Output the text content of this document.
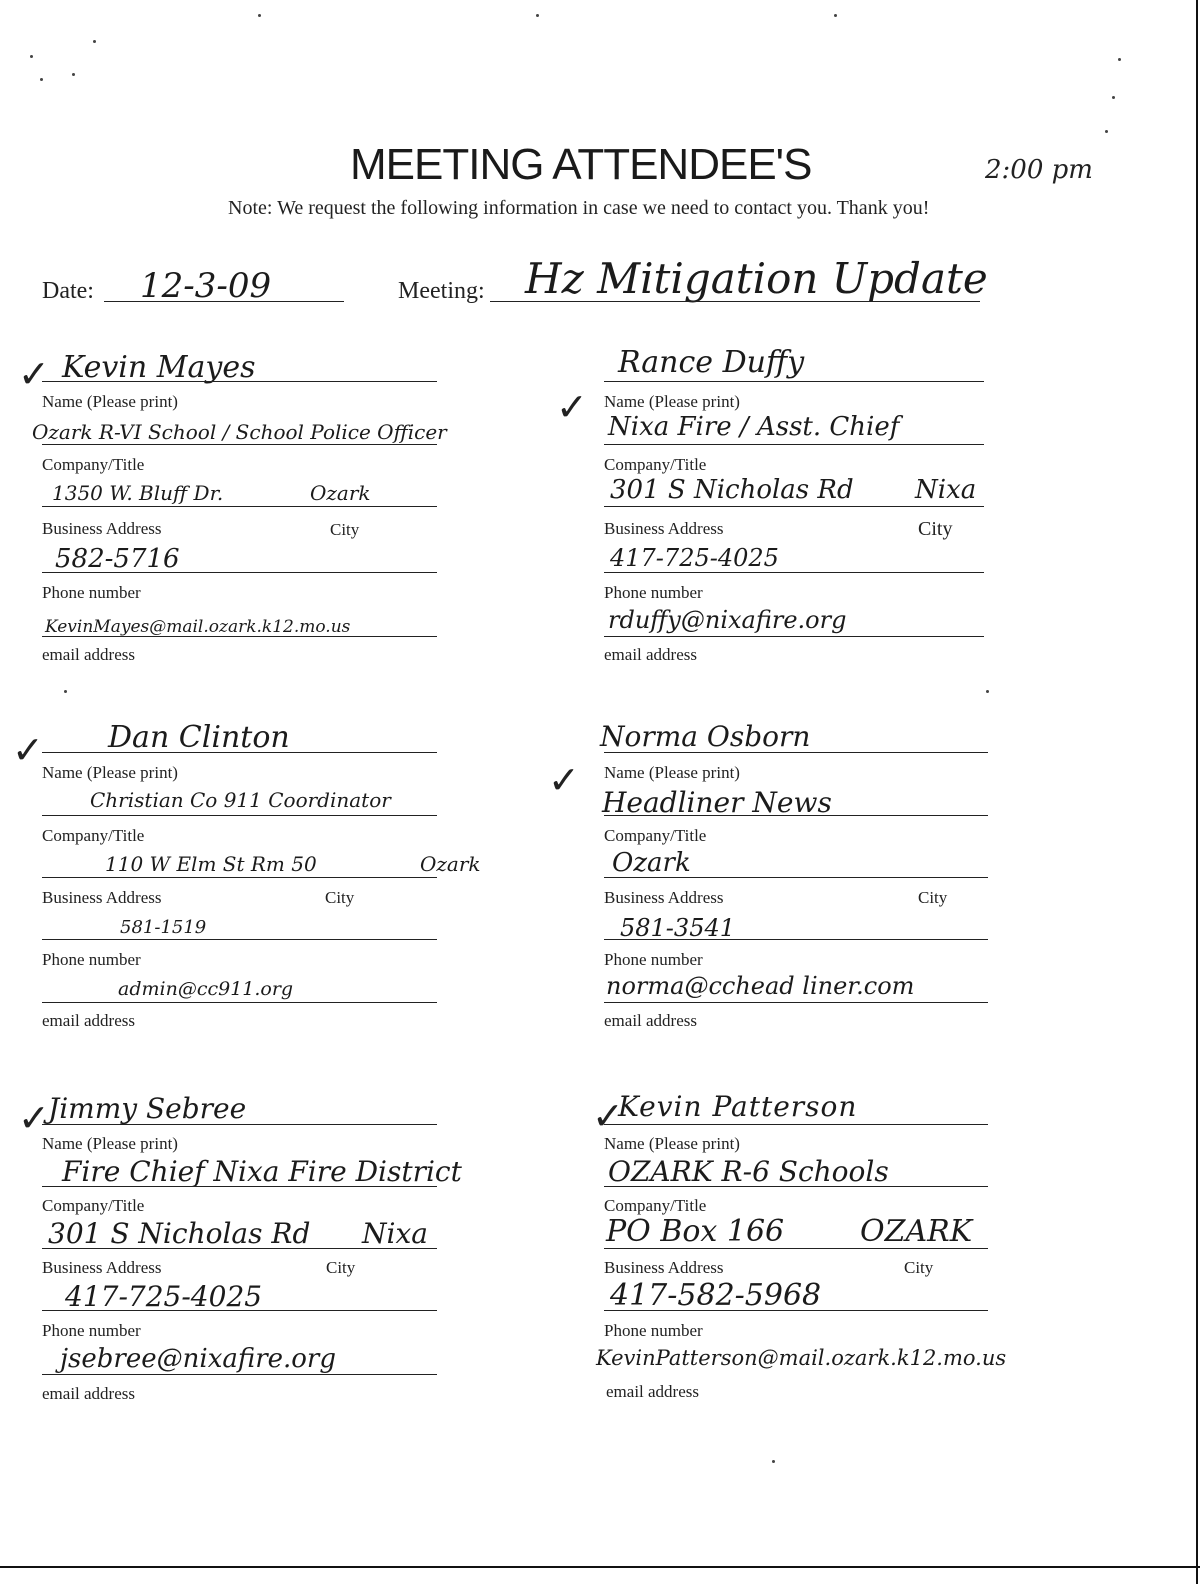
MEETING ATTENDEE'S	2:00 pm
Note: We request the following information in case we need to contact you. Thank you!
Date: 12-3-09	Meeting: Hz Mitigation Update
✓ Kevin Mayes
Name (Please print)
Ozark R-VI School / School Police Officer
Company/Title
1350 W. Bluff Dr.	Ozark
Business Address	City
582-5716
Phone number
KevinMayes@mail.ozark.k12.mo.us
email address
✓
Rance Duffy
Name (Please print)
Nixa Fire / Asst. Chief
Company/Title
301 S Nicholas Rd Nixa
Business Address	City
417-725-4025
Phone number
rduffy@nixafire.org
email address
✓ Dan Clinton
Name (Please print)
Christian Co 911 Coordinator
Company/Title
110 W Elm St Rm 50	Ozark
Business Address	City
581-1519
Phone number
admin@cc911.org
email address
✓
Norma Osborn
Name (Please print)
Headliner News
Company/Title
Ozark
Business Address	City
581-3541
Phone number
norma@cchead liner.com
email address
✓
Jimmy Sebree
Name (Please print)
Fire Chief Nixa Fire District
Company/Title
301 S Nicholas Rd Nixa
Business Address	City
417-725-4025
Phone number
jsebree@nixafire.org
email address
✓
Kevin Patterson
Name (Please print)
OZARK R-6 Schools
Company/Title
PO Box 166	OZARK
Business Address	City
417-582-5968
Phone number
KevinPatterson@mail.ozark.k12.mo.us
email address
